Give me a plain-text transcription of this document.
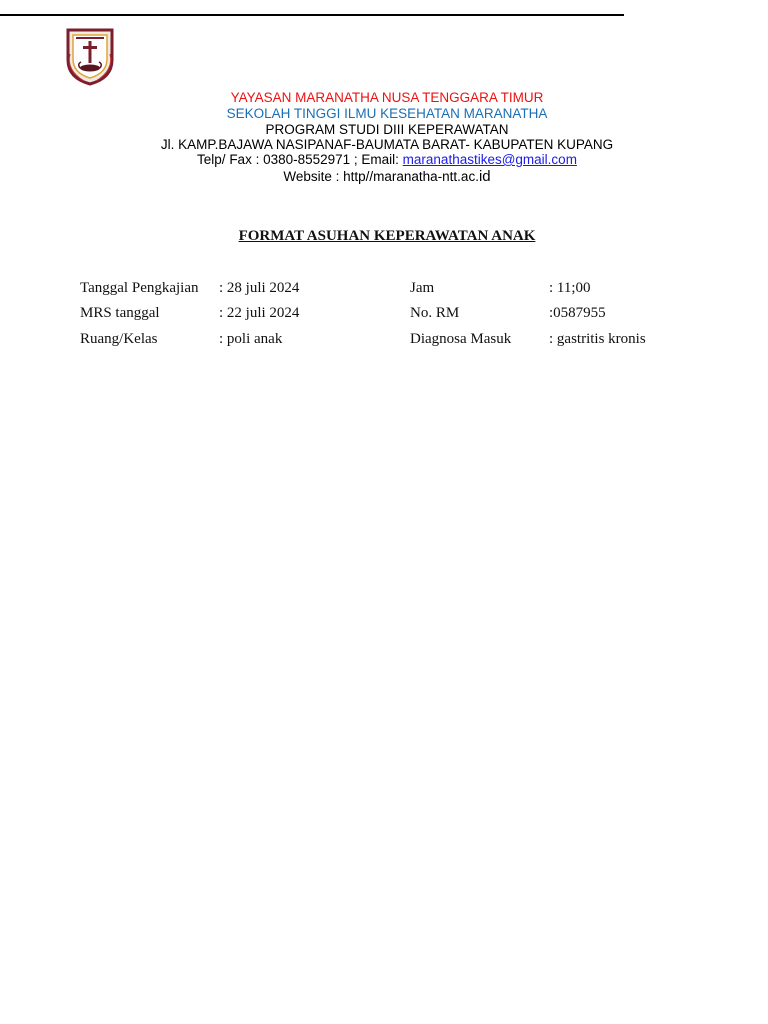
YAYASAN MARANATHA NUSA TENGGARA TIMUR
SEKOLAH TINGGI ILMU KESEHATAN MARANATHA
PROGRAM STUDI DIII KEPERAWATAN
Jl. KAMP.BAJAWA NASIPANAF-BAUMATA BARAT- KABUPATEN KUPANG
Telp/ Fax : 0380-8552971 ; Email: maranathastikes@gmail.com
Website : http//maranatha-ntt.ac.id
FORMAT ASUHAN KEPERAWATAN ANAK
Tanggal Pengkajian : 28 juli 2024	Jam	: 11;00
MRS tanggal	: 22 juli 2024	No. RM	:0587955
Ruang/Kelas	: poli anak	Diagnosa Masuk	: gastritis kronis
